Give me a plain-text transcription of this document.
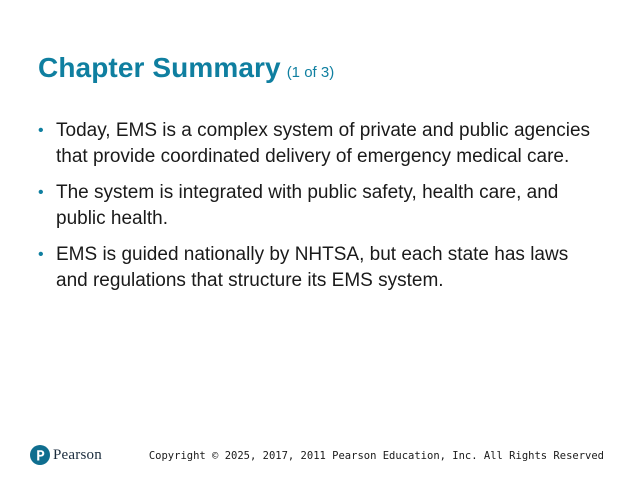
Chapter Summary (1 of 3)
• Today, EMS is a complex system of private and public agencies that provide coordinated delivery of emergency medical care.
• The system is integrated with public safety, health care, and public health.
• EMS is guided nationally by NHTSA, but each state has laws and regulations that structure its EMS system.
Pearson	Copyright © 2025, 2017, 2011 Pearson Education, Inc. All Rights Reserved
